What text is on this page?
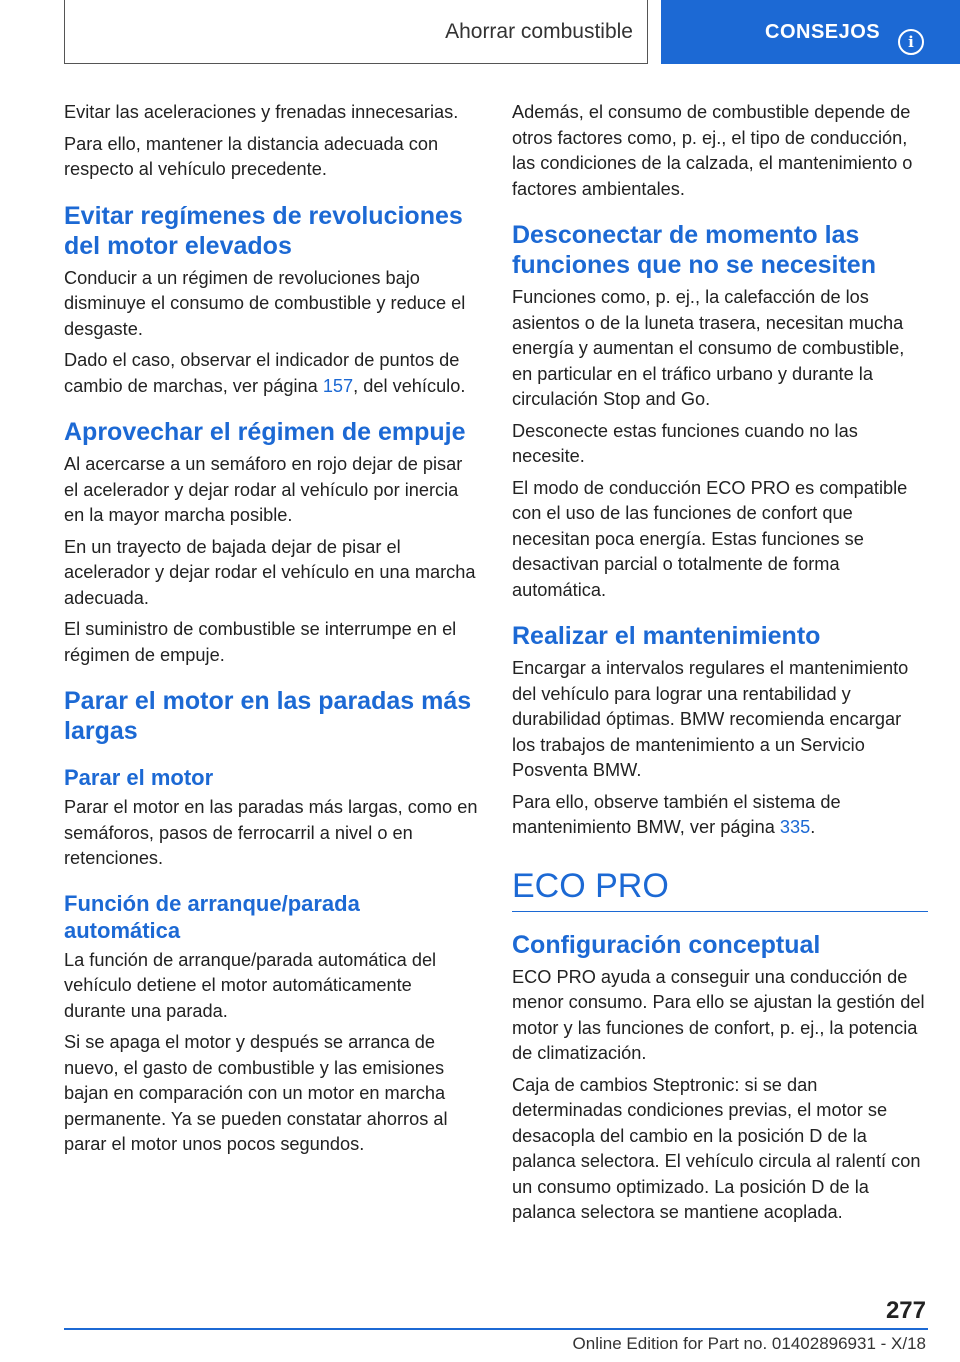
Ahorrar combustible	CONSEJOS	i

Evitar las aceleraciones y frenadas innecesarias.

Para ello, mantener la distancia adecuada con respecto al vehículo precedente.

Evitar regímenes de revoluciones del motor elevados

Conducir a un régimen de revoluciones bajo disminuye el consumo de combustible y reduce el desgaste.

Dado el caso, observar el indicador de puntos de cambio de marchas, ver página 157, del vehículo.

Aprovechar el régimen de empuje

Al acercarse a un semáforo en rojo dejar de pisar el acelerador y dejar rodar al vehículo por inercia en la mayor marcha posible.

En un trayecto de bajada dejar de pisar el acelerador y dejar rodar el vehículo en una marcha adecuada.

El suministro de combustible se interrumpe en el régimen de empuje.

Parar el motor en las paradas más largas
Parar el motor

Parar el motor en las paradas más largas, como en semáforos, pasos de ferrocarril a nivel o en retenciones.

Función de arranque/parada automática

La función de arranque/parada automática del vehículo detiene el motor automáticamente durante una parada.

Si se apaga el motor y después se arranca de nuevo, el gasto de combustible y las emisiones bajan en comparación con un motor en marcha permanente. Ya se pueden constatar ahorros al parar el motor unos pocos segundos.

Además, el consumo de combustible depende de otros factores como, p. ej., el tipo de conducción, las condiciones de la calzada, el mantenimiento o factores ambientales.

Desconectar de momento las funciones que no se necesiten

Funciones como, p. ej., la calefacción de los asientos o de la luneta trasera, necesitan mucha energía y aumentan el consumo de combustible, en particular en el tráfico urbano y durante la circulación Stop and Go.

Desconecte estas funciones cuando no las necesite.

El modo de conducción ECO PRO es compatible con el uso de las funciones de confort que necesitan poca energía. Estas funciones se desactivan parcial o totalmente de forma automática.

Realizar el mantenimiento

Encargar a intervalos regulares el mantenimiento del vehículo para lograr una rentabilidad y durabilidad óptimas. BMW recomienda encargar los trabajos de mantenimiento a un Servicio Posventa BMW.

Para ello, observe también el sistema de mantenimiento BMW, ver página 335.

ECO PRO
Configuración conceptual

ECO PRO ayuda a conseguir una conducción de menor consumo. Para ello se ajustan la gestión del motor y las funciones de confort, p. ej., la potencia de climatización.

Caja de cambios Steptronic: si se dan determinadas condiciones previas, el motor se desacopla del cambio en la posición D de la palanca selectora. El vehículo circula al ralentí con un consumo optimizado. La posición D de la palanca selectora se mantiene acoplada.

277
Online Edition for Part no. 01402896931 - X/18
